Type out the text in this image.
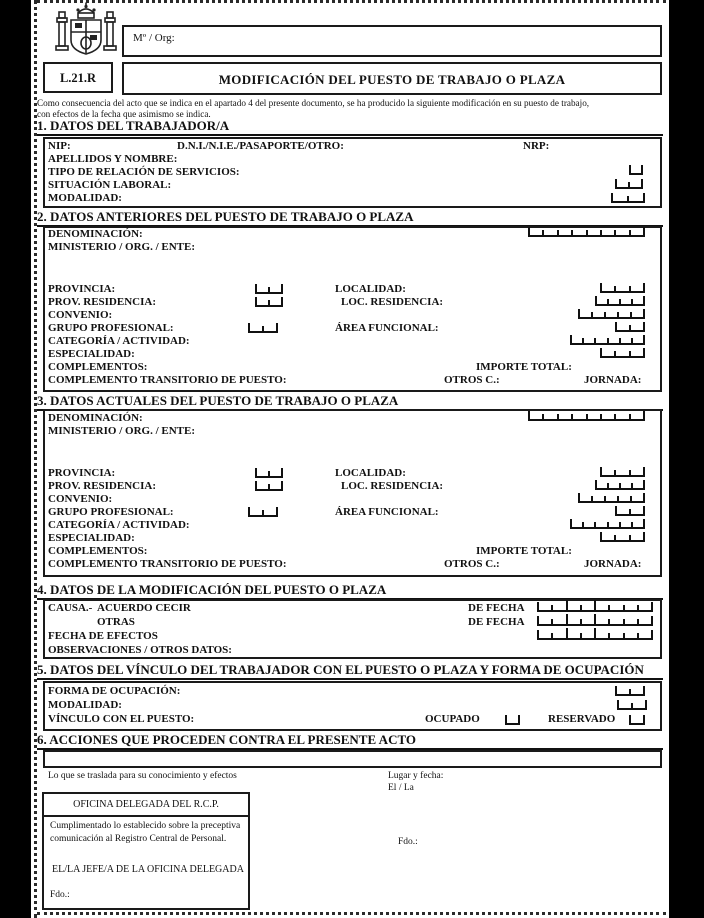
Mº / Org:
L.21.R	MODIFICACIÓN DEL PUESTO DE TRABAJO O PLAZA
Como consecuencia del acto que se indica en el apartado 4 del presente documento, se ha producido la siguiente modificación en su puesto de trabajo,
con efectos de la fecha que asimismo se indica.
1. DATOS DEL TRABAJADOR/A
NIP:	D.N.I./N.I.E./PASAPORTE/OTRO:	NRP:
APELLIDOS Y NOMBRE:
TIPO DE RELACIÓN DE SERVICIOS:
SITUACIÓN LABORAL:
MODALIDAD:
2. DATOS ANTERIORES DEL PUESTO DE TRABAJO O PLAZA
DENOMINACIÓN:
MINISTERIO / ORG. / ENTE:
PROVINCIA:	LOCALIDAD:
PROV. RESIDENCIA:	LOC. RESIDENCIA:
CONVENIO:
GRUPO PROFESIONAL:	ÁREA FUNCIONAL:
CATEGORÍA / ACTIVIDAD:
ESPECIALIDAD:
COMPLEMENTOS:	IMPORTE TOTAL:
COMPLEMENTO TRANSITORIO DE PUESTO:	OTROS C.:	JORNADA:
3. DATOS ACTUALES DEL PUESTO DE TRABAJO O PLAZA
DENOMINACIÓN:
MINISTERIO / ORG. / ENTE:
PROVINCIA:	LOCALIDAD:
PROV. RESIDENCIA:	LOC. RESIDENCIA:
CONVENIO:
GRUPO PROFESIONAL:	ÁREA FUNCIONAL:
CATEGORÍA / ACTIVIDAD:
ESPECIALIDAD:
COMPLEMENTOS:	IMPORTE TOTAL:
COMPLEMENTO TRANSITORIO DE PUESTO:	OTROS C.:	JORNADA:
4. DATOS DE LA MODIFICACIÓN DEL PUESTO O PLAZA
CAUSA.- ACUERDO CECIR	DE FECHA
OTRAS	DE FECHA
FECHA DE EFECTOS
OBSERVACIONES / OTROS DATOS:
5. DATOS DEL VÍNCULO DEL TRABAJADOR CON EL PUESTO O PLAZA Y FORMA DE OCUPACIÓN
FORMA DE OCUPACIÓN:
MODALIDAD:
VÍNCULO CON EL PUESTO:	OCUPADO	RESERVADO
6. ACCIONES QUE PROCEDEN CONTRA EL PRESENTE ACTO
Lo que se traslada para su conocimiento y efectos	Lugar y fecha:
El / La
Fdo.:
OFICINA DELEGADA DEL R.C.P.
Cumplimentado lo establecido sobre la preceptiva comunicación al Registro Central de Personal.
EL/LA JEFE/A DE LA OFICINA DELEGADA
Fdo.:
